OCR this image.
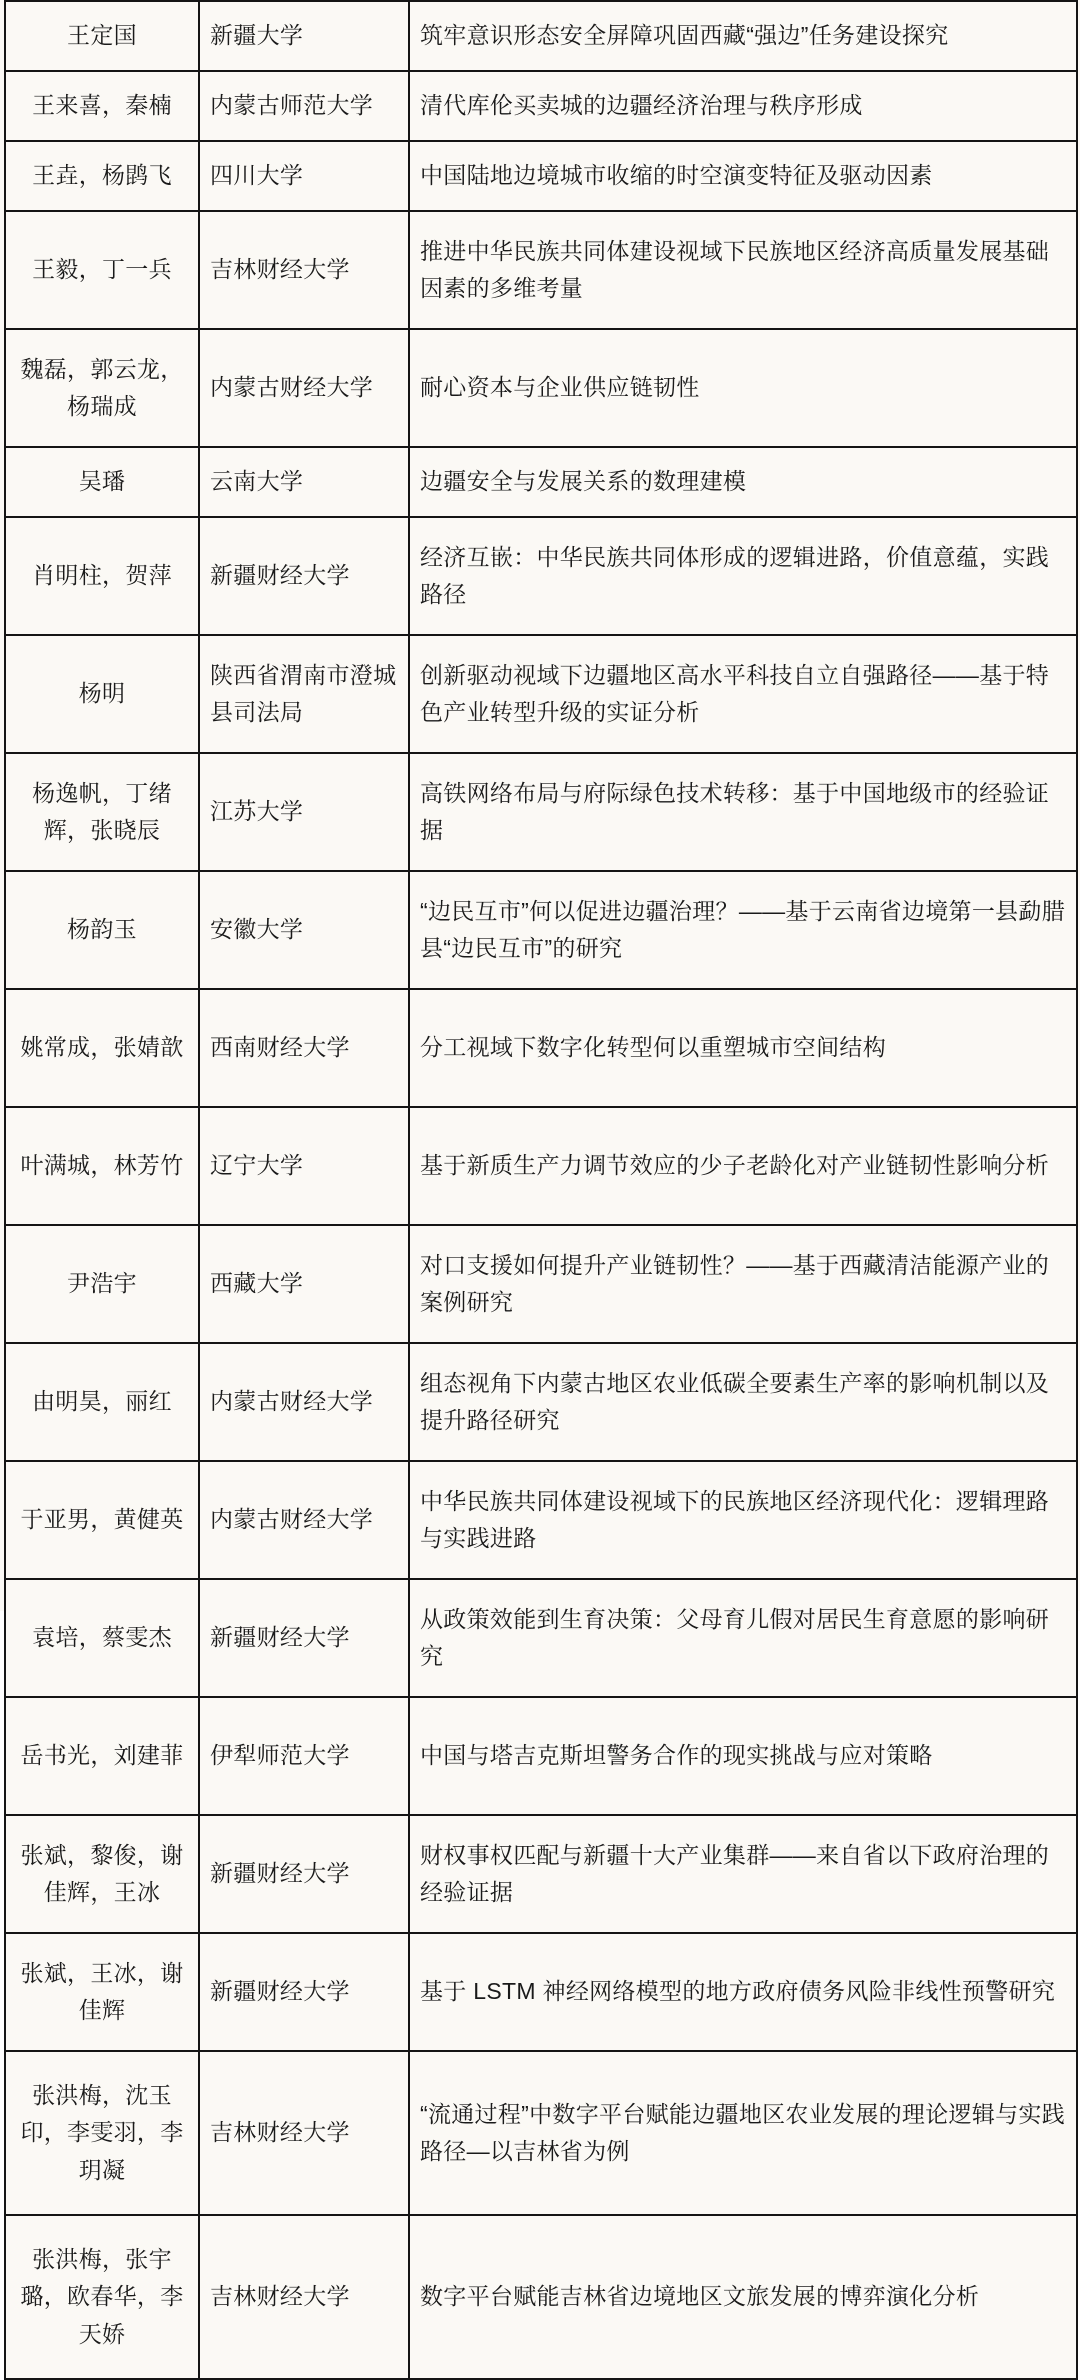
王定国	新疆大学	筑牢意识形态安全屏障巩固西藏“强边”任务建设探究
王来喜，秦楠	内蒙古师范大学	清代库伦买卖城的边疆经济治理与秩序形成
王垚，杨鹍飞	四川大学	中国陆地边境城市收缩的时空演变特征及驱动因素
王毅，丁一兵	吉林财经大学	推进中华民族共同体建设视域下民族地区经济高质量发展基础因素的多维考量
魏磊，郭云龙，杨瑞成	内蒙古财经大学	耐心资本与企业供应链韧性
吴璠	云南大学	边疆安全与发展关系的数理建模
肖明柱，贺萍	新疆财经大学	经济互嵌：中华民族共同体形成的逻辑进路，价值意蕴，实践路径
杨明	陕西省渭南市澄城县司法局	创新驱动视域下边疆地区高水平科技自立自强路径——基于特色产业转型升级的实证分析
杨逸帆，丁绪辉，张晓辰	江苏大学	高铁网络布局与府际绿色技术转移：基于中国地级市的经验证据
杨韵玉	安徽大学	“边民互市”何以促进边疆治理？——基于云南省边境第一县勐腊县“边民互市”的研究
姚常成，张婧歆	西南财经大学	分工视域下数字化转型何以重塑城市空间结构
叶满城，林芳竹	辽宁大学	基于新质生产力调节效应的少子老龄化对产业链韧性影响分析
尹浩宇	西藏大学	对口支援如何提升产业链韧性？——基于西藏清洁能源产业的案例研究
由明昊，丽红	内蒙古财经大学	组态视角下内蒙古地区农业低碳全要素生产率的影响机制以及提升路径研究
于亚男，黄健英	内蒙古财经大学	中华民族共同体建设视域下的民族地区经济现代化：逻辑理路与实践进路
袁培，蔡雯杰	新疆财经大学	从政策效能到生育决策：父母育儿假对居民生育意愿的影响研究
岳书光，刘建菲	伊犁师范大学	中国与塔吉克斯坦警务合作的现实挑战与应对策略
张斌，黎俊，谢佳辉，王冰	新疆财经大学	财权事权匹配与新疆十大产业集群——来自省以下政府治理的经验证据
张斌，王冰，谢佳辉	新疆财经大学	基于 LSTM 神经网络模型的地方政府债务风险非线性预警研究
张洪梅，沈玉印，李雯羽，李玥凝	吉林财经大学	“流通过程”中数字平台赋能边疆地区农业发展的理论逻辑与实践路径—以吉林省为例
张洪梅，张宇璐，欧春华，李天娇	吉林财经大学	数字平台赋能吉林省边境地区文旅发展的博弈演化分析
